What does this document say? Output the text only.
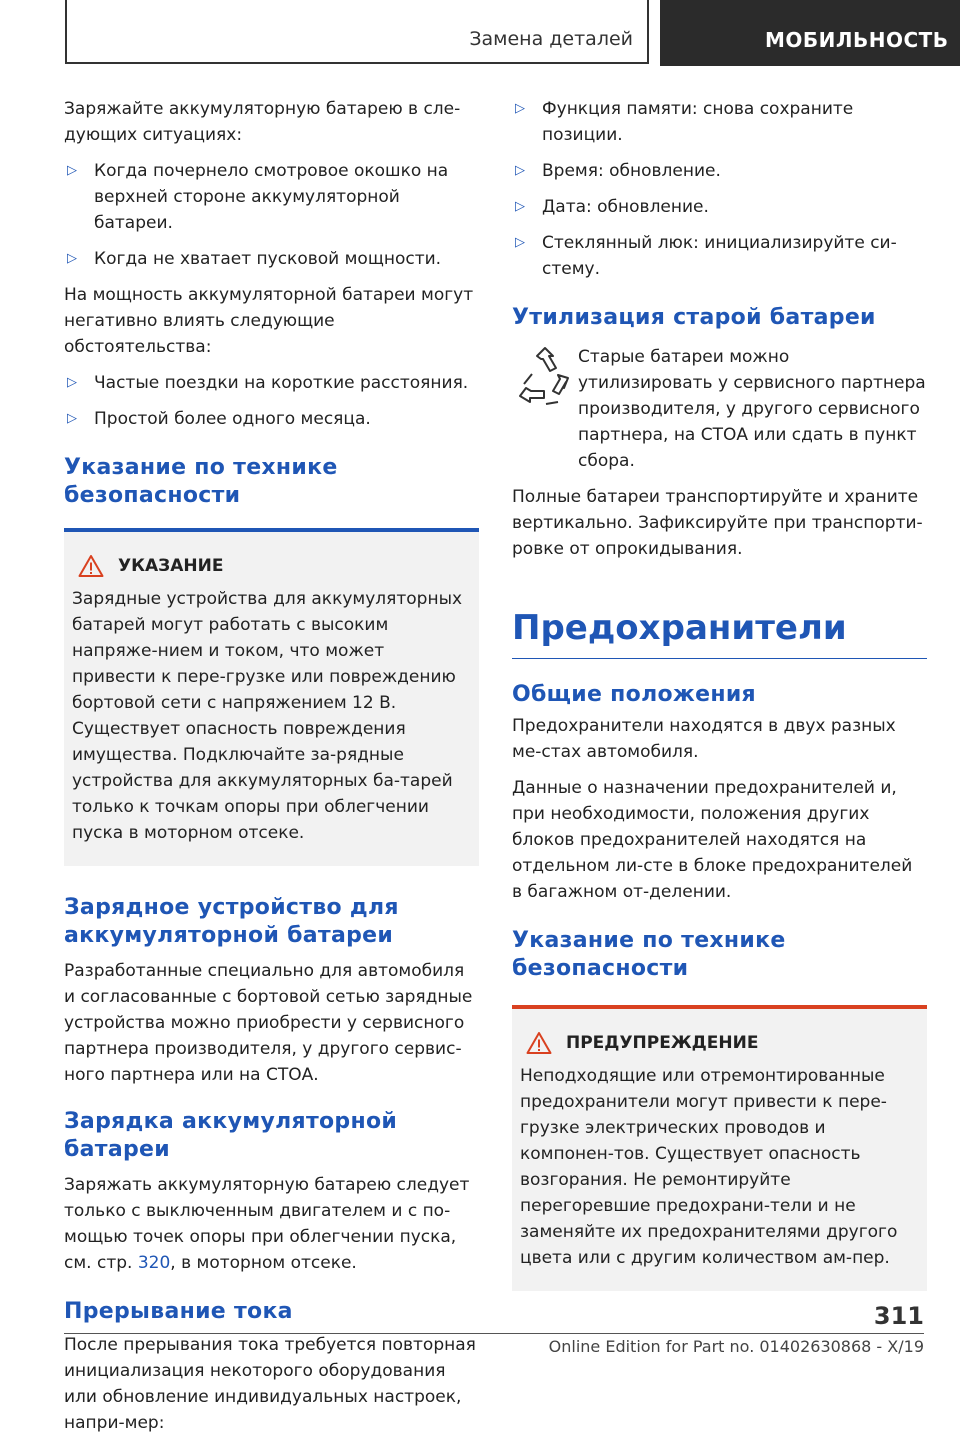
Замена деталей	МОБИЛЬНОСТЬ

Заряжайте аккумуляторную батарею в сле-дующих ситуациях:

▷ Когда почернело смотровое окошко на верхней стороне аккумуляторной батареи.
▷ Когда не хватает пусковой мощности.

На мощность аккумуляторной батареи могут негативно влиять следующие обстоятельства:

▷ Частые поездки на короткие расстояния.
▷ Простой более одного месяца.
Указание по технике безопасности
УКАЗАНИЕ

Зарядные устройства для аккумуляторных батарей могут работать с высоким напряже-нием и током, что может привести к пере-грузке или повреждению бортовой сети с напряжением 12 В. Существует опасность повреждения имущества. Подключайте за-рядные устройства для аккумуляторных ба-тарей только к точкам опоры при облегчении пуска в моторном отсеке.

Зарядное устройство для аккумуляторной батареи

Разработанные специально для автомобиля и согласованные с бортовой сетью зарядные устройства можно приобрести у сервисного партнера производителя, у другого сервис-ного партнера или на СТОА.

Зарядка аккумуляторной батареи

Заряжать аккумуляторную батарею следует только с выключенным двигателем и с по-мощью точек опоры при облегчении пуска, см. стр. 320, в моторном отсеке.

Прерывание тока

После прерывания тока требуется повторная инициализация некоторого оборудования или обновление индивидуальных настроек, напри-мер:

▷ Функция памяти: снова сохраните позиции.
▷ Время: обновление.
▷ Дата: обновление.
▷ Стеклянный люк: инициализируйте си-стему.
Утилизация старой батареи

Старые батареи можно утилизировать у сервисного партнера производителя, у другого сервисного партнера, на СТОА или сдать в пункт сбора.

Полные батареи транспортируйте и храните вертикально. Зафиксируйте при транспорти-ровке от опрокидывания.

Предохранители
Общие положения

Предохранители находятся в двух разных ме-стах автомобиля.

Данные о назначении предохранителей и, при необходимости, положения других блоков предохранителей находятся на отдельном ли-сте в блоке предохранителей в багажном от-делении.

Указание по технике безопасности
ПРЕДУПРЕЖДЕНИЕ

Неподходящие или отремонтированные предохранители могут привести к пере-грузке электрических проводов и компонен-тов. Существует опасность возгорания. Не ремонтируйте перегоревшие предохрани-тели и не заменяйте их предохранителями другого цвета или с другим количеством ам-пер.

311
Online Edition for Part no. 01402630868 - X/19
